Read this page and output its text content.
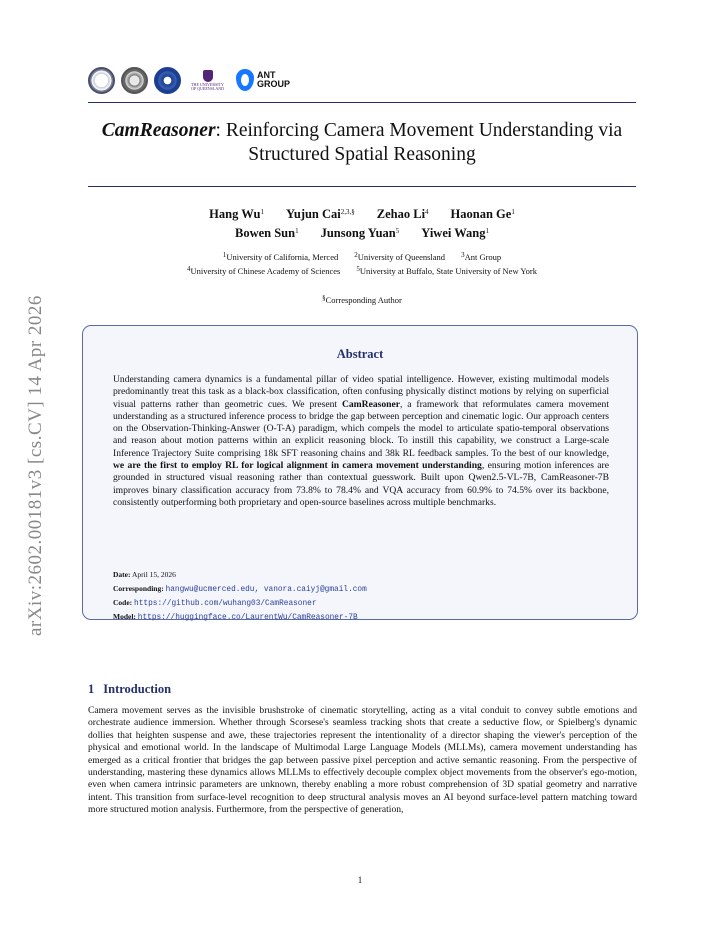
arXiv:2602.00181v3 [cs.CV] 14 Apr 2026
THE UNIVERSITY
OF QUEENSLAND
ANT
GROUP
CamReasoner: Reinforcing Camera Movement Understanding via Structured Spatial Reasoning
Hang Wu$^1$ Yujun Cai$^{2,3,\S}$ Zehao Li$^4$ Haonan Ge$^1$
Bowen Sun$^1$ Junsong Yuan$^5$ Yiwei Wang$^1$
$^1$University of California, Merced $^2$University of Queensland $^3$Ant Group
$^4$University of Chinese Academy of Sciences $^5$University at Buffalo, State University of New York
§Corresponding Author
Abstract
Understanding camera dynamics is a fundamental pillar of video spatial intelligence. However, existing multimodal models predominantly treat this task as a black-box classification, often confusing physically distinct motions by relying on superficial visual patterns rather than geometric cues. We present CamReasoner, a framework that reformulates camera movement understanding as a structured inference process to bridge the gap between perception and cinematic logic. Our approach centers on the Observation-Thinking-Answer (O-T-A) paradigm, which compels the model to articulate spatio-temporal observations and reason about motion patterns within an explicit reasoning block. To instill this capability, we construct a Large-scale Inference Trajectory Suite comprising 18k SFT reasoning chains and 38k RL feedback samples. To the best of our knowledge, we are the first to employ RL for logical alignment in camera movement understanding, ensuring motion inferences are grounded in structured visual reasoning rather than contextual guesswork. Built upon Qwen2.5-VL-7B, CamReasoner-7B improves binary classification accuracy from 73.8% to 78.4% and VQA accuracy from 60.9% to 74.5% over its backbone, consistently outperforming both proprietary and open-source baselines across multiple benchmarks.
Date: April 15, 2026
Corresponding: hangwu@ucmerced.edu, vanora.caiyj@gmail.com
Code: https://github.com/wuhang03/CamReasoner
Model: https://huggingface.co/LaurentWu/CamReasoner-7B
1 Introduction
Camera movement serves as the invisible brushstroke of cinematic storytelling, acting as a vital conduit to convey subtle emotions and orchestrate audience immersion. Whether through Scorsese's seamless tracking shots that create a seductive flow, or Spielberg's dynamic dollies that heighten suspense and awe, these trajectories represent the intentionality of a director shaping the viewer's perception of the physical and emotional world. In the landscape of Multimodal Large Language Models (MLLMs), camera movement understanding has emerged as a critical frontier that bridges the gap between passive pixel perception and active semantic reasoning. From the perspective of understanding, mastering these dynamics allows MLLMs to effectively decouple complex object movements from the observer's ego-motion, even when camera intrinsic parameters are unknown, thereby enabling a more robust comprehension of 3D spatial geometry and narrative intent. This transition from surface-level recognition to deep structural analysis moves an AI beyond surface-level pattern matching toward more structured motion analysis. Furthermore, from the perspective of generation,
1
